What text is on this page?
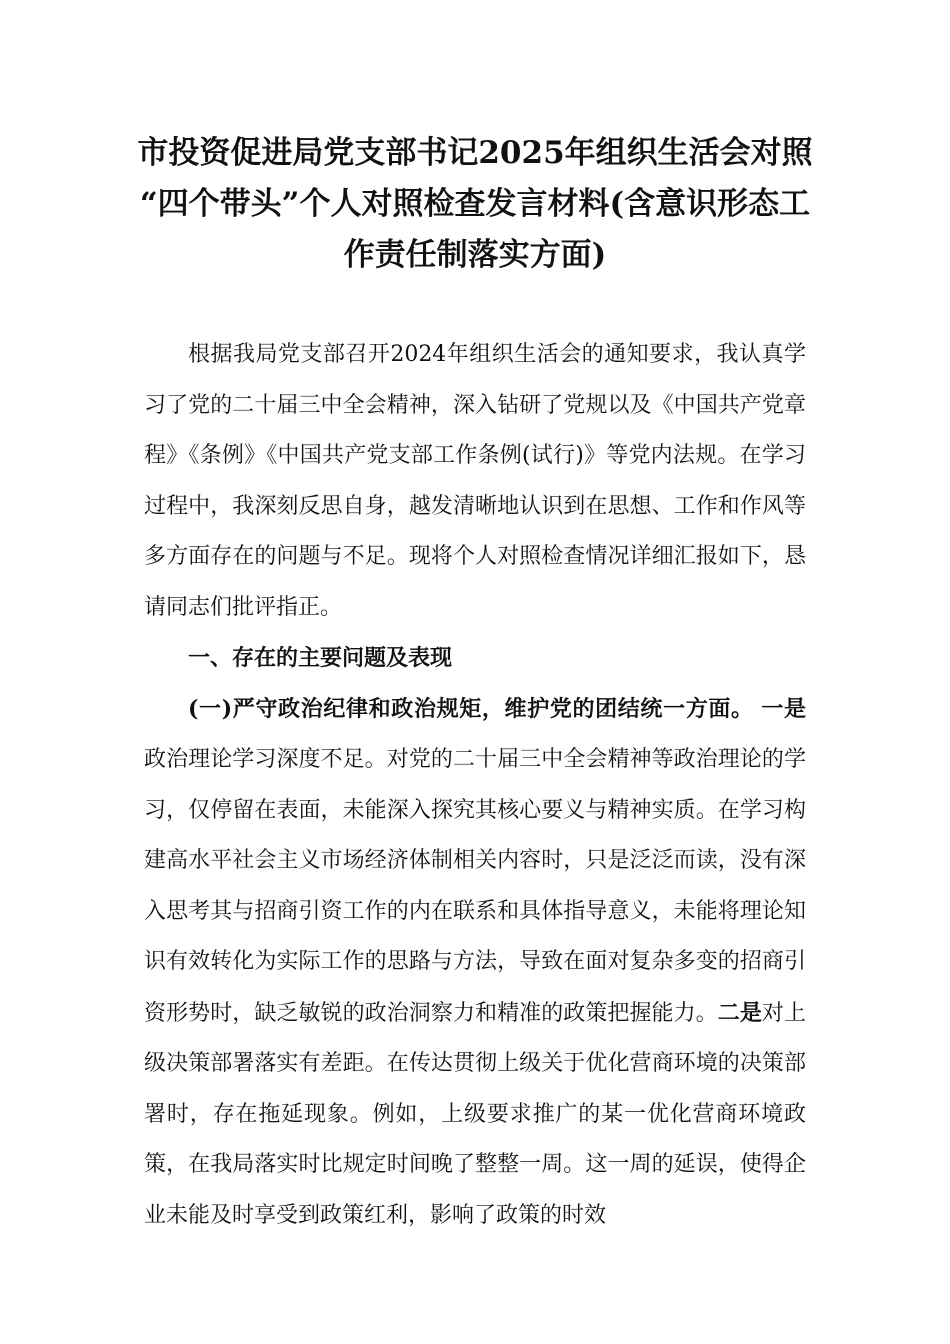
市投资促进局党支部书记2025年组织生活会对照
“四个带头”个人对照检查发言材料(含意识形态工
作责任制落实方面)

根据我局党支部召开2024年组织生活会的通知要求，我认真学习了党的二十届三中全会精神，深入钻研了党规以及《中国共产党章程》《条例》《中国共产党支部工作条例(试行)》等党内法规。在学习过程中，我深刻反思自身，越发清晰地认识到在思想、工作和作风等多方面存在的问题与不足。现将个人对照检查情况详细汇报如下，恳请同志们批评指正。

一、存在的主要问题及表现

(一)严守政治纪律和政治规矩，维护党的团结统一方面。 一是政治理论学习深度不足。对党的二十届三中全会精神等政治理论的学习，仅停留在表面，未能深入探究其核心要义与精神实质。在学习构建高水平社会主义市场经济体制相关内容时，只是泛泛而读，没有深入思考其与招商引资工作的内在联系和具体指导意义，未能将理论知识有效转化为实际工作的思路与方法，导致在面对复杂多变的招商引资形势时，缺乏敏锐的政治洞察力和精准的政策把握能力。二是对上级决策部署落实有差距。在传达贯彻上级关于优化营商环境的决策部署时，存在拖延现象。例如，上级要求推广的某一优化营商环境政策，在我局落实时比规定时间晚了整整一周。这一周的延误，使得企业未能及时享受到政策红利，影响了政策的时效
